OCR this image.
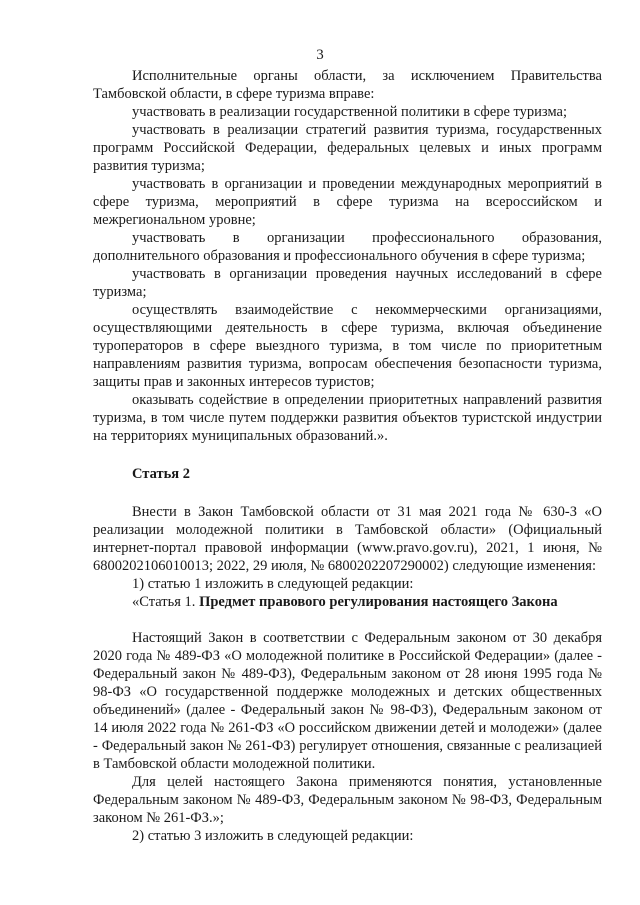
3

Исполнительные органы области, за исключением Правительства Тамбовской области, в сфере туризма вправе:

участвовать в реализации государственной политики в сфере туризма;

участвовать в реализации стратегий развития туризма, государственных программ Российской Федерации, федеральных целевых и иных программ развития туризма;

участвовать в организации и проведении международных мероприятий в сфере туризма, мероприятий в сфере туризма на всероссийском и межрегиональном уровне;

участвовать в организации профессионального образования, дополнительного образования и профессионального обучения в сфере туризма;

участвовать в организации проведения научных исследований в сфере туризма;

осуществлять взаимодействие с некоммерческими организациями, осуществляющими деятельность в сфере туризма, включая объединение туроператоров в сфере выездного туризма, в том числе по приоритетным направлениям развития туризма, вопросам обеспечения безопасности туризма, защиты прав и законных интересов туристов;

оказывать содействие в определении приоритетных направлений развития туризма, в том числе путем поддержки развития объектов туристской индустрии на территориях муниципальных образований.».

Статья 2

Внести в Закон Тамбовской области от 31 мая 2021 года № 630-З «О реализации молодежной политики в Тамбовской области» (Официальный интернет-портал правовой информации (www.pravo.gov.ru), 2021, 1 июня, № 6800202106010013; 2022, 29 июля, № 6800202207290002) следующие изменения:

1) статью 1 изложить в следующей редакции:

«Статья 1. Предмет правового регулирования настоящего Закона

Настоящий Закон в соответствии с Федеральным законом от 30 декабря 2020 года № 489-ФЗ «О молодежной политике в Российской Федерации» (далее - Федеральный закон № 489-ФЗ), Федеральным законом от 28 июня 1995 года № 98-ФЗ «О государственной поддержке молодежных и детских общественных объединений» (далее - Федеральный закон № 98-ФЗ), Федеральным законом от 14 июля 2022 года № 261-ФЗ «О российском движении детей и молодежи» (далее - Федеральный закон № 261-ФЗ) регулирует отношения, связанные с реализацией в Тамбовской области молодежной политики.

Для целей настоящего Закона применяются понятия, установленные Федеральным законом № 489-ФЗ, Федеральным законом № 98-ФЗ, Федеральным законом № 261-ФЗ.»;

2) статью 3 изложить в следующей редакции:
